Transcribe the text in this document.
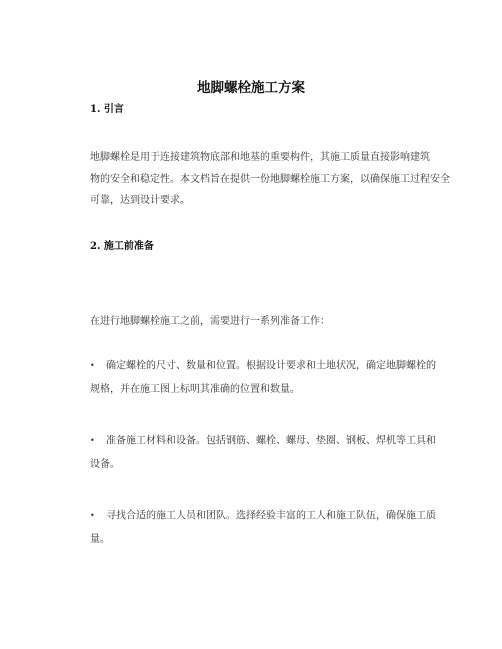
地脚螺栓施工方案
1. 引言
地脚螺栓是用于连接建筑物底部和地基的重要构件，其施工质量直接影响建筑
物的安全和稳定性。本文档旨在提供一份地脚螺栓施工方案，以确保施工过程安全
可靠，达到设计要求。
2. 施工前准备
在进行地脚螺栓施工之前，需要进行一系列准备工作：
• 确定螺栓的尺寸、数量和位置。根据设计要求和土地状况，确定地脚螺栓的
规格，并在施工图上标明其准确的位置和数量。
• 准备施工材料和设备。包括钢筋、螺栓、螺母、垫圈、钢板、焊机等工具和
设备。
• 寻找合适的施工人员和团队。选择经验丰富的工人和施工队伍，确保施工质
量。
